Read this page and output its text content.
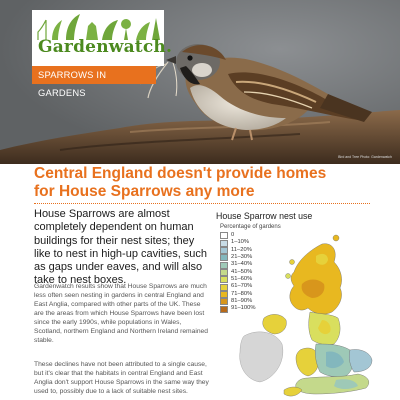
Gardenwatch.
SPARROWS IN GARDENS
Bird and Tree Photo: Gardenwatch
Central England doesn't provide homes
for House Sparrows any more
House Sparrows are almost completely dependent on human buildings for their nest sites; they like to nest in high-up cavities, such as gaps under eaves, and will also take to nest boxes.
Gardenwatch results show that House Sparrows are much less often seen nesting in gardens in central England and East Anglia, compared with other parts of the UK. These are the areas from which House Sparrows have been lost since the early 1990s, while populations in Wales, Scotland, northern England and Northern Ireland remained stable.
These declines have not been attributed to a single cause, but it's clear that the habitats in central England and East Anglia don't support House Sparrows in the same way they used to, possibly due to a lack of suitable nest sites.
House Sparrow nest use
Percentage of gardens
0
1–10%
11–20%
21–30%
31–40%
41–50%
51–60%
61–70%
71–80%
81–90%
91–100%
